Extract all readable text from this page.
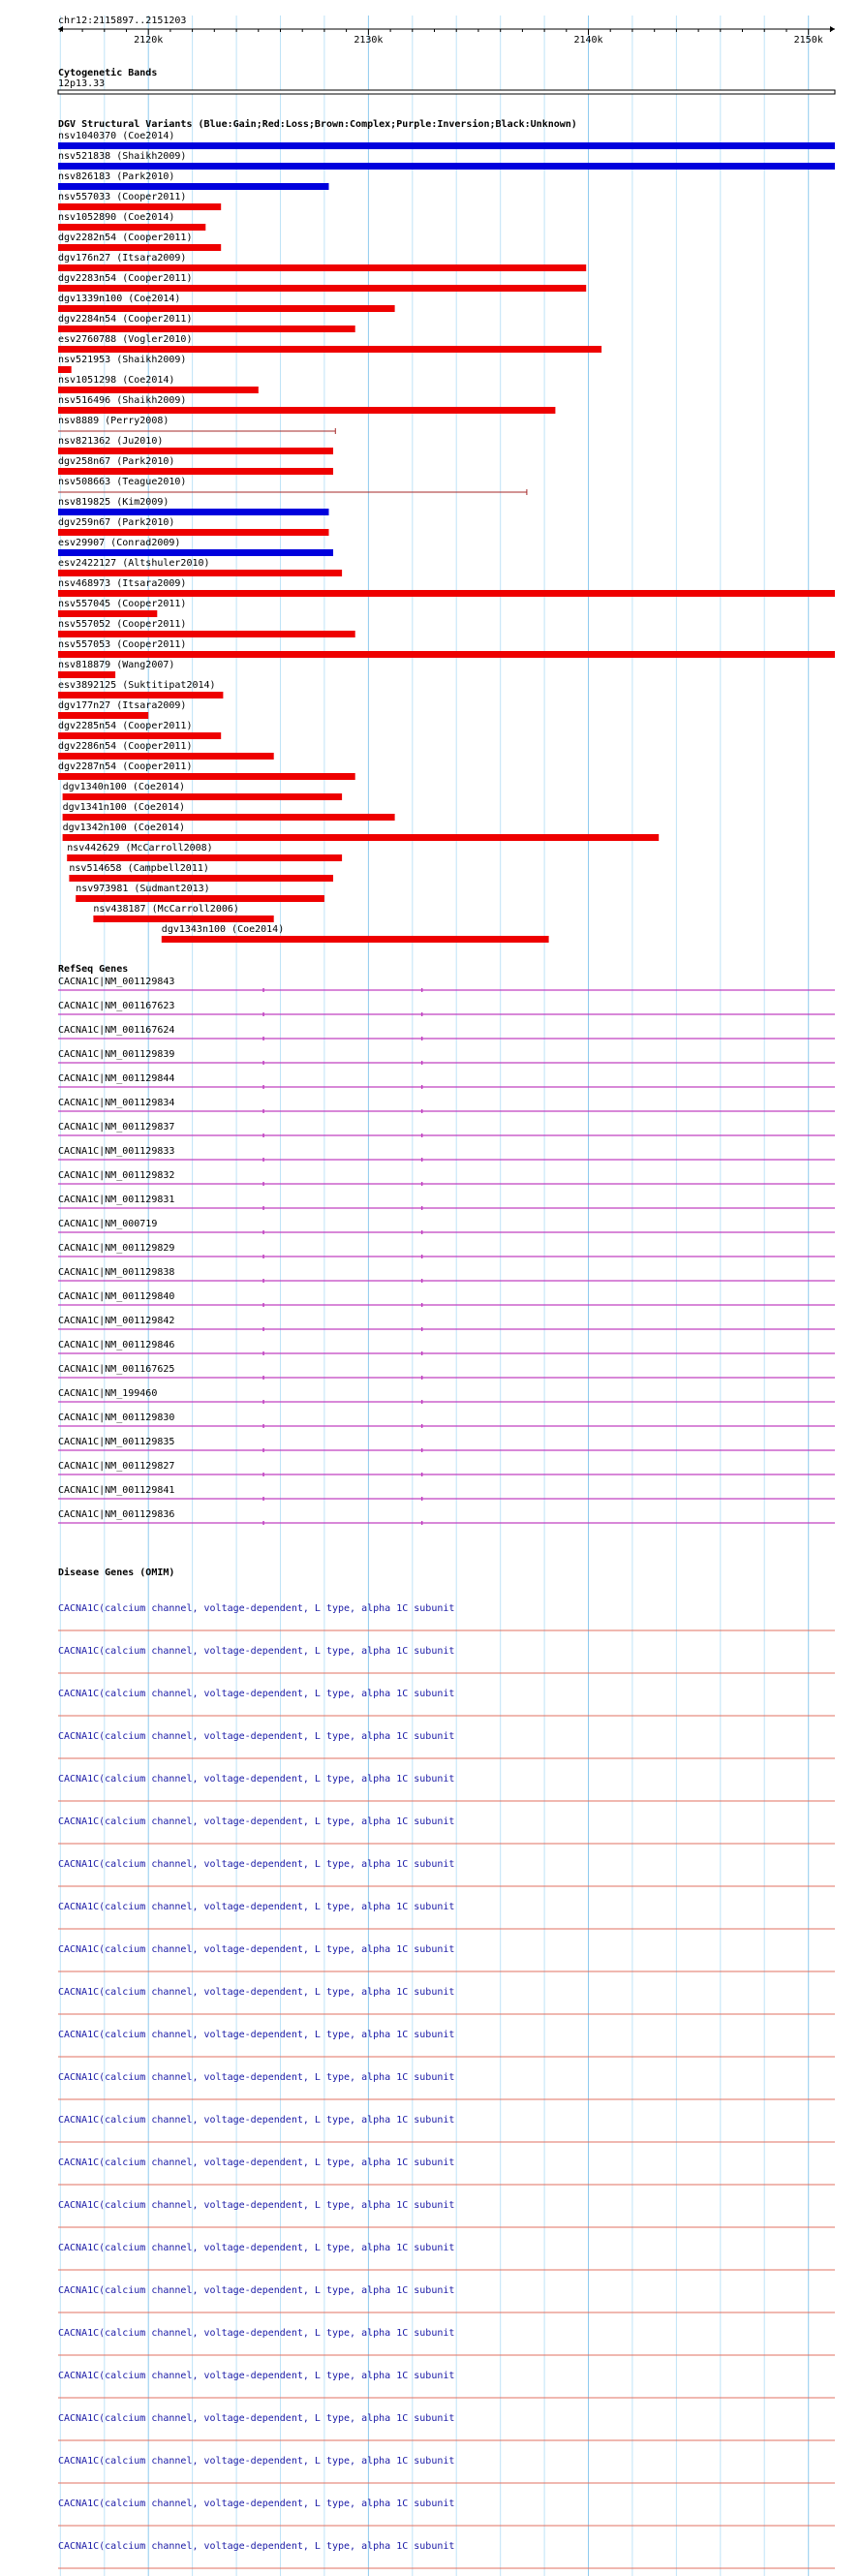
chr12:2115897..2151203
2120k	2130k	2140k	2150k
Cytogenetic Bands
12p13.33
DGV Structural Variants (Blue:Gain;Red:Loss;Brown:Complex;Purple:Inversion;Black:Unknown)
nsv1040370 (Coe2014)
nsv521838 (Shaikh2009)
nsv826183 (Park2010)
nsv557033 (Cooper2011)
nsv1052890 (Coe2014)
dgv2282n54 (Cooper2011)
dgv176n27 (Itsara2009)
dgv2283n54 (Cooper2011)
dgv1339n100 (Coe2014)
dgv2284n54 (Cooper2011)
esv2760788 (Vogler2010)
nsv521953 (Shaikh2009)
nsv1051298 (Coe2014)
nsv516496 (Shaikh2009)
nsv8889 (Perry2008)
nsv821362 (Ju2010)
dgv258n67 (Park2010)
nsv508663 (Teague2010)
nsv819825 (Kim2009)
dgv259n67 (Park2010)
esv29907 (Conrad2009)
esv2422127 (Altshuler2010)
nsv468973 (Itsara2009)
nsv557045 (Cooper2011)
nsv557052 (Cooper2011)
nsv557053 (Cooper2011)
nsv818879 (Wang2007)
esv3892125 (Suktitipat2014)
dgv177n27 (Itsara2009)
dgv2285n54 (Cooper2011)
dgv2286n54 (Cooper2011)
dgv2287n54 (Cooper2011)
dgv1340n100 (Coe2014)
dgv1341n100 (Coe2014)
dgv1342n100 (Coe2014)
nsv442629 (McCarroll2008)
nsv514658 (Campbell2011)
nsv973981 (Sudmant2013)
nsv438187 (McCarroll2006)
dgv1343n100 (Coe2014)
RefSeq Genes
CACNA1C|NM_001129843
CACNA1C|NM_001167623
CACNA1C|NM_001167624
CACNA1C|NM_001129839
CACNA1C|NM_001129844
CACNA1C|NM_001129834
CACNA1C|NM_001129837
CACNA1C|NM_001129833
CACNA1C|NM_001129832
CACNA1C|NM_001129831
CACNA1C|NM_000719
CACNA1C|NM_001129829
CACNA1C|NM_001129838
CACNA1C|NM_001129840
CACNA1C|NM_001129842
CACNA1C|NM_001129846
CACNA1C|NM_001167625
CACNA1C|NM_199460
CACNA1C|NM_001129830
CACNA1C|NM_001129835
CACNA1C|NM_001129827
CACNA1C|NM_001129841
CACNA1C|NM_001129836
Disease Genes (OMIM)
CACNA1C(calcium channel, voltage-dependent, L type, alpha 1C subunit
CACNA1C(calcium channel, voltage-dependent, L type, alpha 1C subunit
CACNA1C(calcium channel, voltage-dependent, L type, alpha 1C subunit
CACNA1C(calcium channel, voltage-dependent, L type, alpha 1C subunit
CACNA1C(calcium channel, voltage-dependent, L type, alpha 1C subunit
CACNA1C(calcium channel, voltage-dependent, L type, alpha 1C subunit
CACNA1C(calcium channel, voltage-dependent, L type, alpha 1C subunit
CACNA1C(calcium channel, voltage-dependent, L type, alpha 1C subunit
CACNA1C(calcium channel, voltage-dependent, L type, alpha 1C subunit
CACNA1C(calcium channel, voltage-dependent, L type, alpha 1C subunit
CACNA1C(calcium channel, voltage-dependent, L type, alpha 1C subunit
CACNA1C(calcium channel, voltage-dependent, L type, alpha 1C subunit
CACNA1C(calcium channel, voltage-dependent, L type, alpha 1C subunit
CACNA1C(calcium channel, voltage-dependent, L type, alpha 1C subunit
CACNA1C(calcium channel, voltage-dependent, L type, alpha 1C subunit
CACNA1C(calcium channel, voltage-dependent, L type, alpha 1C subunit
CACNA1C(calcium channel, voltage-dependent, L type, alpha 1C subunit
CACNA1C(calcium channel, voltage-dependent, L type, alpha 1C subunit
CACNA1C(calcium channel, voltage-dependent, L type, alpha 1C subunit
CACNA1C(calcium channel, voltage-dependent, L type, alpha 1C subunit
CACNA1C(calcium channel, voltage-dependent, L type, alpha 1C subunit
CACNA1C(calcium channel, voltage-dependent, L type, alpha 1C subunit
CACNA1C(calcium channel, voltage-dependent, L type, alpha 1C subunit
